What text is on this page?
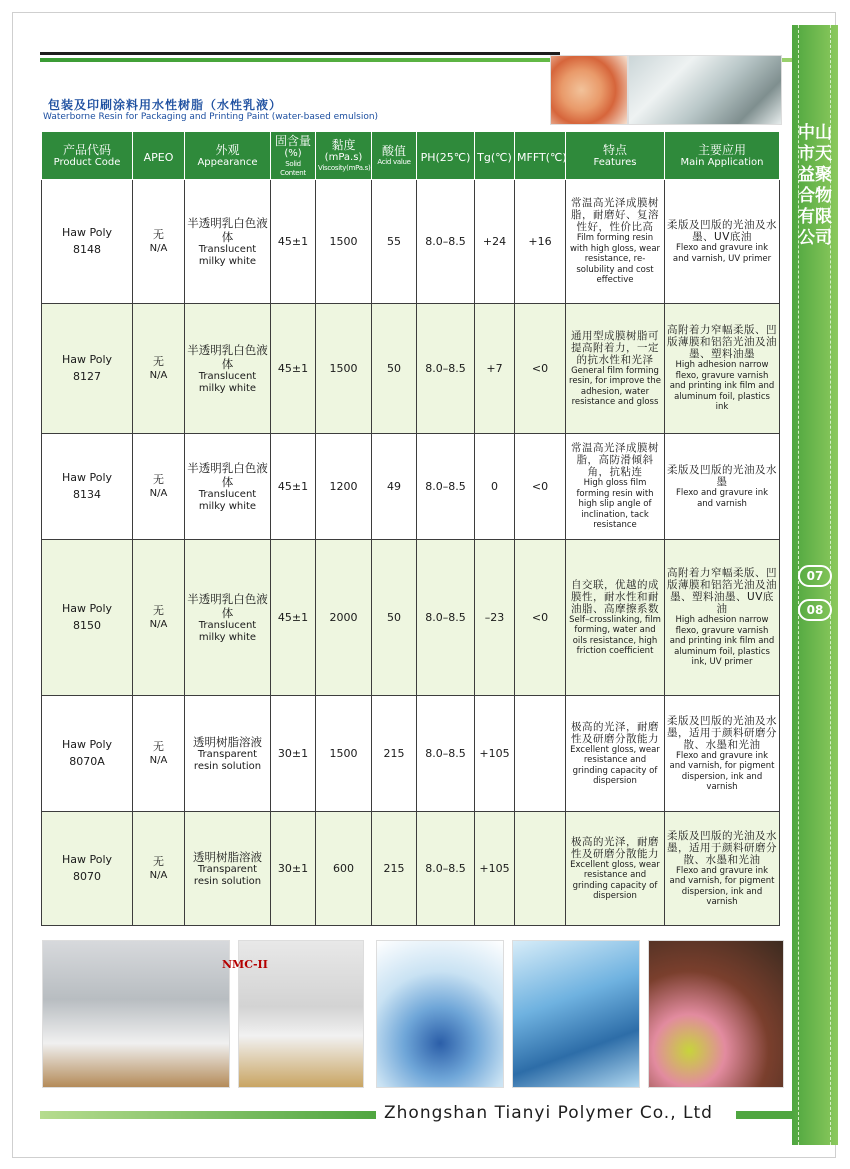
中山市天益聚合物有限公司
07
08
包装及印刷涂料用水性树脂（水性乳液）
Waterborne Resin for Packaging and Printing Paint (water-based emulsion)
产品代码
Product Code	APEO	外观
Appearance	固含量
(%)
Solid Content	黏度
(mPa.s)
Viscosity(mPa.s)	酸值
Acid value	PH(25℃)	Tg(℃)	MFFT(℃)	特点
Features	主要应用
Main Application

Haw Poly
8148	无
N/A	半透明乳白色液体
Translucent milky white	45±1	1500	55	8.0–8.5	+24	+16	常温高光泽成膜树脂，耐磨好、复溶性好，性价比高
Film forming resin with high gloss, wear resistance, re-solubility and cost effective	柔版及凹版的光油及水墨、UV底油
Flexo and gravure ink and varnish, UV primer

Haw Poly
8127	无
N/A	半透明乳白色液体
Translucent milky white	45±1	1500	50	8.0–8.5	+7	<0	通用型成膜树脂可提高附着力，一定的抗水性和光泽
General film forming resin, for improve the adhesion, water resistance and gloss	高附着力窄幅柔版、凹版薄膜和铝箔光油及油墨、塑料油墨
High adhesion narrow flexo, gravure varnish and printing ink film and aluminum foil, plastics ink

Haw Poly
8134	无
N/A	半透明乳白色液体
Translucent milky white	45±1	1200	49	8.0–8.5	0	<0	常温高光泽成膜树脂，高防滑倾斜角，抗粘连
High gloss film forming resin with high slip angle of inclination, tack resistance	柔版及凹版的光油及水墨
Flexo and gravure ink and varnish

Haw Poly
8150	无
N/A	半透明乳白色液体
Translucent milky white	45±1	2000	50	8.0–8.5	–23	<0	自交联，优越的成膜性，耐水性和耐油脂、高摩擦系数
Self–crosslinking, film forming, water and oils resistance, high friction coefficient	高附着力窄幅柔版、凹版薄膜和铝箔光油及油墨、塑料油墨、UV底油
High adhesion narrow flexo, gravure varnish and printing ink film and aluminum foil, plastics ink, UV primer

Haw Poly
8070A	无
N/A	透明树脂溶液
Transparent resin solution	30±1	1500	215	8.0–8.5	+105		极高的光泽，耐磨性及研磨分散能力
Excellent gloss, wear resistance and grinding capacity of dispersion	柔版及凹版的光油及水墨，适用于颜料研磨分散、水墨和光油
Flexo and gravure ink and varnish, for pigment dispersion, ink and varnish

Haw Poly
8070	无
N/A	透明树脂溶液
Transparent resin solution	30±1	600	215	8.0–8.5	+105		极高的光泽，耐磨性及研磨分散能力
Excellent gloss, wear resistance and grinding capacity of dispersion	柔版及凹版的光油及水墨，适用于颜料研磨分散、水墨和光油
Flexo and gravure ink and varnish, for pigment dispersion, ink and varnish
NMC-II
Zhongshan Tianyi Polymer Co., Ltd
